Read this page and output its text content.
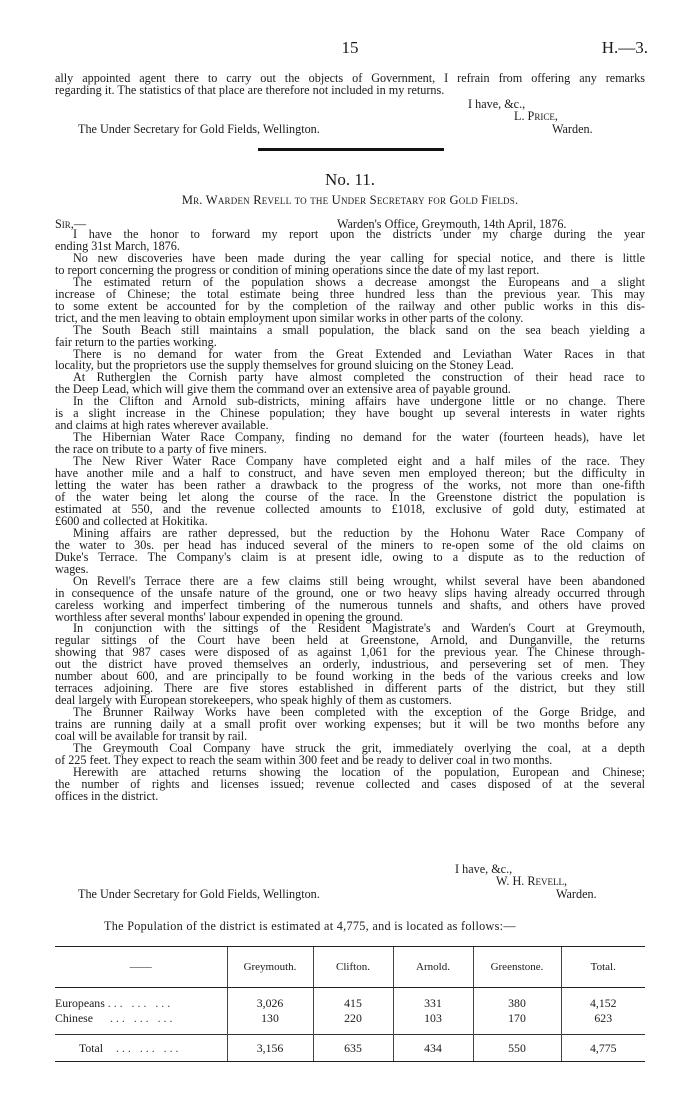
15	H.—3.

ally appointed agent there to carry out the objects of Government, I refrain from offering any remarks

regarding it. The statistics of that place are therefore not included in my returns.

I have, &c.,
L. Price,
The Under Secretary for Gold Fields, Wellington.	Warden.
No. 11.
Mr. Warden Revell to the Under Secretary for Gold Fields.
Sir,—	Warden's Office, Greymouth, 14th April, 1876.

I have the honor to forward my report upon the districts under my charge during the year

ending 31st March, 1876.

No new discoveries have been made during the year calling for special notice, and there is little

to report concerning the progress or condition of mining operations since the date of my last report.

The estimated return of the population shows a decrease amongst the Europeans and a slight

increase of Chinese; the total estimate being three hundred less than the previous year. This may

to some extent be accounted for by the completion of the railway and other public works in this dis-

trict, and the men leaving to obtain employment upon similar works in other parts of the colony.

The South Beach still maintains a small population, the black sand on the sea beach yielding a

fair return to the parties working.

There is no demand for water from the Great Extended and Leviathan Water Races in that

locality, but the proprietors use the supply themselves for ground sluicing on the Stoney Lead.

At Rutherglen the Cornish party have almost completed the construction of their head race to

the Deep Lead, which will give them the command over an extensive area of payable ground.

In the Clifton and Arnold sub-districts, mining affairs have undergone little or no change. There

is a slight increase in the Chinese population; they have bought up several interests in water rights

and claims at high rates wherever available.

The Hibernian Water Race Company, finding no demand for the water (fourteen heads), have let

the race on tribute to a party of five miners.

The New River Water Race Company have completed eight and a half miles of the race. They

have another mile and a half to construct, and have seven men employed thereon; but the difficulty in

letting the water has been rather a drawback to the progress of the works, not more than one-fifth

of the water being let along the course of the race. In the Greenstone district the population is

estimated at 550, and the revenue collected amounts to £1018, exclusive of gold duty, estimated at

£600 and collected at Hokitika.

Mining affairs are rather depressed, but the reduction by the Hohonu Water Race Company of

the water to 30s. per head has induced several of the miners to re-open some of the old claims on

Duke's Terrace. The Company's claim is at present idle, owing to a dispute as to the reduction of

wages.

On Revell's Terrace there are a few claims still being wrought, whilst several have been abandoned

in consequence of the unsafe nature of the ground, one or two heavy slips having already occurred through

careless working and imperfect timbering of the numerous tunnels and shafts, and others have proved

worthless after several months' labour expended in opening the ground.

In conjunction with the sittings of the Resident Magistrate's and Warden's Court at Greymouth,

regular sittings of the Court have been held at Greenstone, Arnold, and Dunganville, the returns

showing that 987 cases were disposed of as against 1,061 for the previous year. The Chinese through-

out the district have proved themselves an orderly, industrious, and persevering set of men. They

number about 600, and are principally to be found working in the beds of the various creeks and low

terraces adjoining. There are five stores established in different parts of the district, but they still

deal largely with European storekeepers, who speak highly of them as customers.

The Brunner Railway Works have been completed with the exception of the Gorge Bridge, and

trains are running daily at a small profit over working expenses; but it will be two months before any

coal will be available for transit by rail.

The Greymouth Coal Company have struck the grit, immediately overlying the coal, at a depth

of 225 feet. They expect to reach the seam within 300 feet and be ready to deliver coal in two months.

Herewith are attached returns showing the location of the population, European and Chinese;

the number of rights and licenses issued; revenue collected and cases disposed of at the several

offices in the district.

I have, &c.,
W. H. Revell,
The Under Secretary for Gold Fields, Wellington.	Warden.
The Population of the district is estimated at 4,775, and is located as follows:—
——	Greymouth.	Clifton.	Arnold.	Greenstone.	Total.

Europeans ... ... ...	3,026	415	331	380	4,152
Chinese ... ... ...	130	220	103	170	623

Total ... ... ...	3,156	635	434	550	4,775
